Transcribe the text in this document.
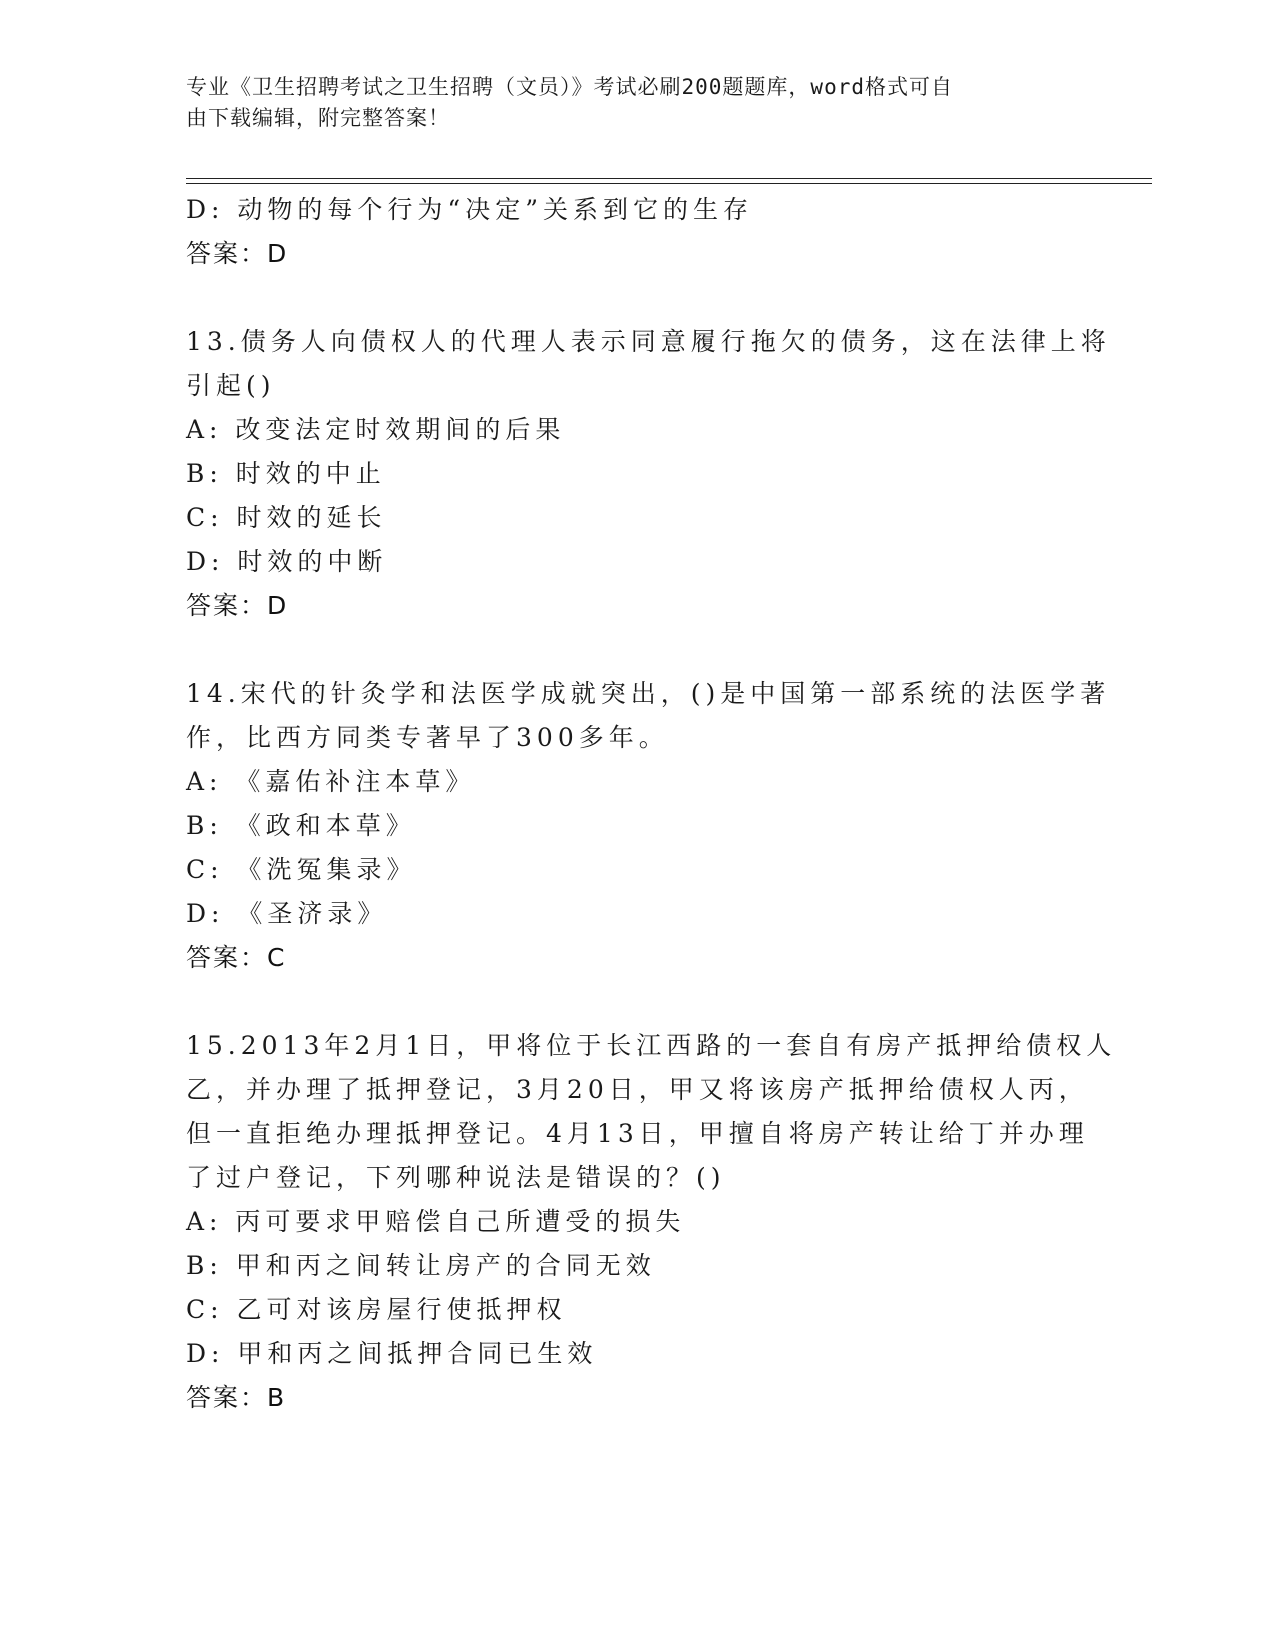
专业《卫生招聘考试之卫生招聘（文员）》考试必刷200题题库，word格式可自
由下载编辑，附完整答案！
D: 动物的每个行为“决定”关系到它的生存
答案：D
13.债务人向债权人的代理人表示同意履行拖欠的债务，这在法律上将
引起()
A: 改变法定时效期间的后果
B: 时效的中止
C: 时效的延长
D: 时效的中断
答案：D
14.宋代的针灸学和法医学成就突出，()是中国第一部系统的法医学著
作，比西方同类专著早了300多年。
A: 《嘉佑补注本草》
B: 《政和本草》
C: 《洗冤集录》
D: 《圣济录》
答案：C
15.2013年2月1日，甲将位于长江西路的一套自有房产抵押给债权人
乙，并办理了抵押登记，3月20日，甲又将该房产抵押给债权人丙，
但一直拒绝办理抵押登记。4月13日，甲擅自将房产转让给丁并办理
了过户登记，下列哪种说法是错误的？()
A: 丙可要求甲赔偿自己所遭受的损失
B: 甲和丙之间转让房产的合同无效
C: 乙可对该房屋行使抵押权
D: 甲和丙之间抵押合同已生效
答案：B
